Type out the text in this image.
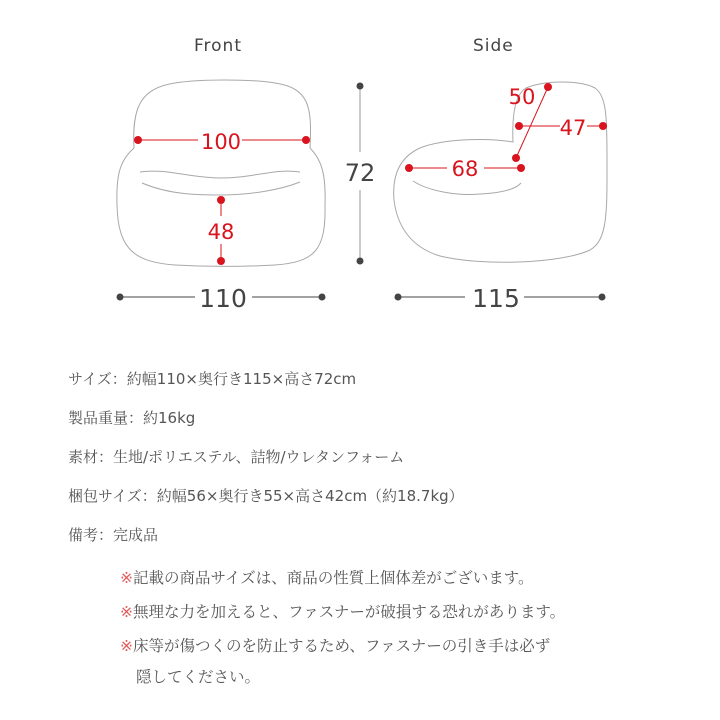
100
48
110
72
50
47
68
115
Front	Side
サイズ：約幅110×奥行き115×高さ72cm
製品重量：約16kg
素材：生地/ポリエステル、詰物/ウレタンフォーム
梱包サイズ：約幅56×奥行き55×高さ42cm（約18.7kg）
備考：完成品
※記載の商品サイズは、商品の性質上個体差がございます。
※無理な力を加えると、ファスナーが破損する恐れがあります。
※床等が傷つくのを防止するため、ファスナーの引き手は必ず
隠してください。
